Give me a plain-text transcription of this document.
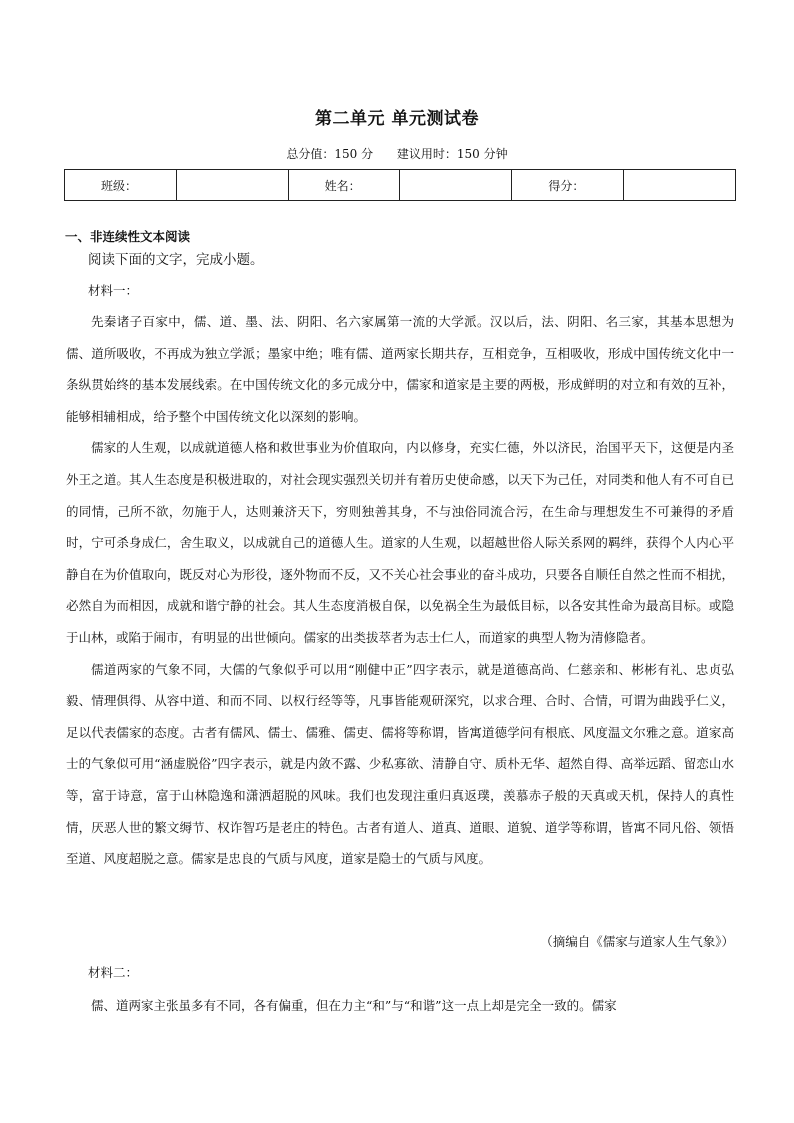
第二单元 单元测试卷
总分值：150 分 建议用时：150 分钟
班级：		姓名：		得分：	
一、非连续性文本阅读
阅读下面的文字，完成小题。
材料一：

先秦诸子百家中，儒、道、墨、法、阴阳、名六家属第一流的大学派。汉以后，法、阴阳、名三家，其基本思想为儒、道所吸收，不再成为独立学派；墨家中绝；唯有儒、道两家长期共存，互相竞争，互相吸收，形成中国传统文化中一条纵贯始终的基本发展线索。在中国传统文化的多元成分中，儒家和道家是主要的两极，形成鲜明的对立和有效的互补，能够相辅相成，给予整个中国传统文化以深刻的影响。

儒家的人生观，以成就道德人格和救世事业为价值取向，内以修身，充实仁德，外以济民，治国平天下，这便是内圣外王之道。其人生态度是积极进取的，对社会现实强烈关切并有着历史使命感，以天下为己任，对同类和他人有不可自已的同情，己所不欲，勿施于人，达则兼济天下，穷则独善其身，不与浊俗同流合污，在生命与理想发生不可兼得的矛盾时，宁可杀身成仁，舍生取义，以成就自己的道德人生。道家的人生观，以超越世俗人际关系网的羁绊，获得个人内心平静自在为价值取向，既反对心为形役，逐外物而不反，又不关心社会事业的奋斗成功，只要各自顺任自然之性而不相扰，必然自为而相因，成就和谐宁静的社会。其人生态度消极自保，以免祸全生为最低目标，以各安其性命为最高目标。或隐于山林，或陷于闹市，有明显的出世倾向。儒家的出类拔萃者为志士仁人，而道家的典型人物为清修隐者。

儒道两家的气象不同，大儒的气象似乎可以用“刚健中正”四字表示，就是道德高尚、仁慈亲和、彬彬有礼、忠贞弘毅、情理俱得、从容中道、和而不同、以权行经等等，凡事皆能观研深究，以求合理、合时、合情，可谓为曲践乎仁义，足以代表儒家的态度。古者有儒风、儒士、儒雅、儒吏、儒将等称谓，皆寓道德学问有根底、风度温文尔雅之意。道家高士的气象似可用“涵虚脱俗”四字表示，就是内敛不露、少私寡欲、清静自守、质朴无华、超然自得、高举远蹈、留恋山水等，富于诗意，富于山林隐逸和潇洒超脱的风味。我们也发现注重归真返璞，羡慕赤子般的天真或天机，保持人的真性情，厌恶人世的繁文缛节、权诈智巧是老庄的特色。古者有道人、道真、道眼、道貌、道学等称谓，皆寓不同凡俗、领悟至道、风度超脱之意。儒家是忠良的气质与风度，道家是隐士的气质与风度。

（摘编自《儒家与道家人生气象》）
材料二：

儒、道两家主张虽多有不同，各有偏重，但在力主“和”与“和谐”这一点上却是完全一致的。儒家
